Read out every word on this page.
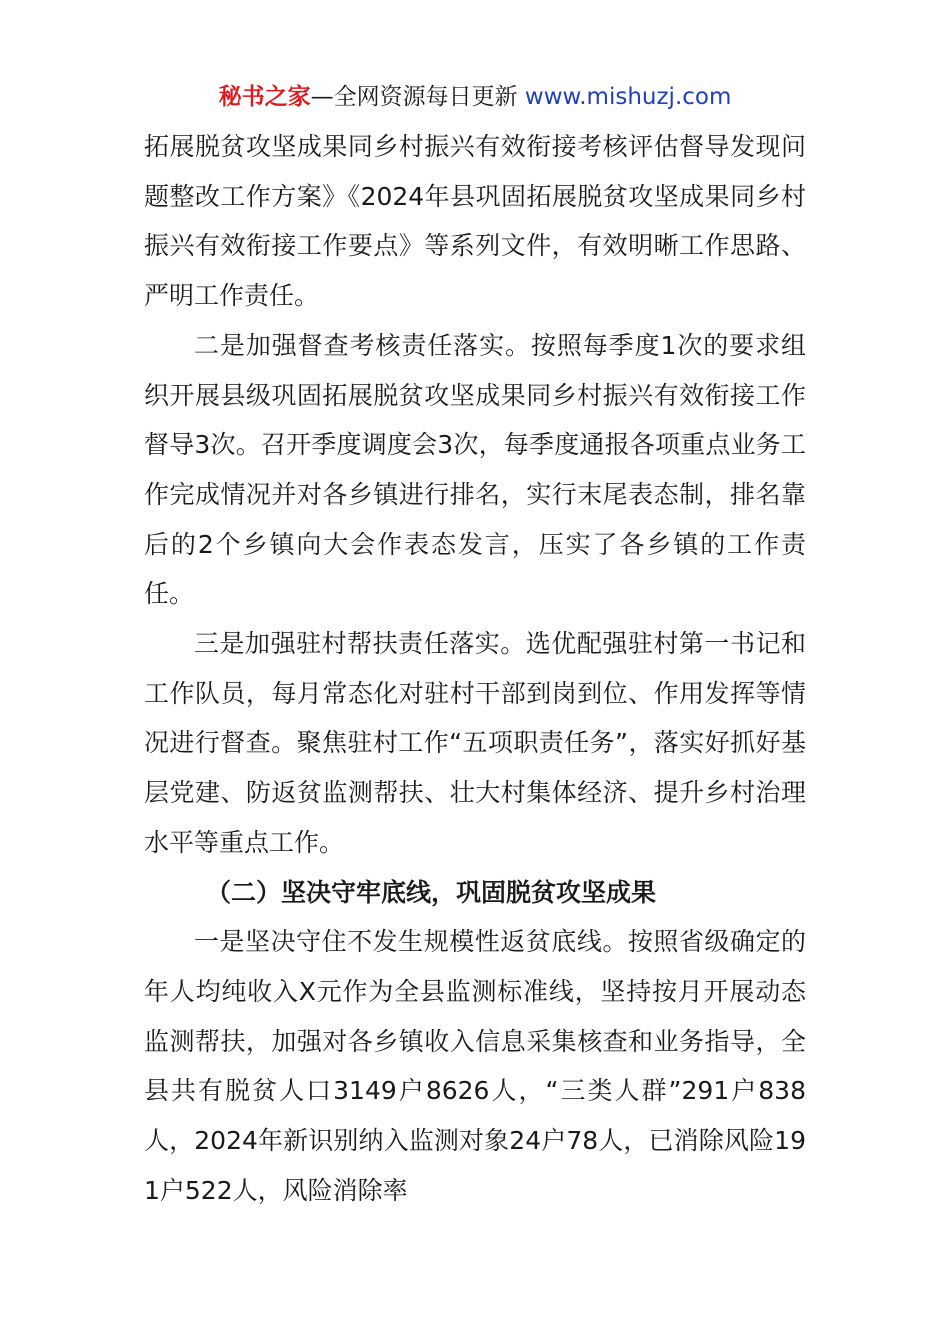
秘书之家—全网资源每日更新 www.mishuzj.com

拓展脱贫攻坚成果同乡村振兴有效衔接考核评估督导发现问题整改工作方案》《2024年县巩固拓展脱贫攻坚成果同乡村振兴有效衔接工作要点》等系列文件，有效明晰工作思路、严明工作责任。

二是加强督查考核责任落实。按照每季度1次的要求组织开展县级巩固拓展脱贫攻坚成果同乡村振兴有效衔接工作督导3次。召开季度调度会3次，每季度通报各项重点业务工作完成情况并对各乡镇进行排名，实行末尾表态制，排名靠后的2个乡镇向大会作表态发言，压实了各乡镇的工作责任。

三是加强驻村帮扶责任落实。选优配强驻村第一书记和工作队员，每月常态化对驻村干部到岗到位、作用发挥等情况进行督查。聚焦驻村工作“五项职责任务”，落实好抓好基层党建、防返贫监测帮扶、壮大村集体经济、提升乡村治理水平等重点工作。

（二）坚决守牢底线，巩固脱贫攻坚成果

一是坚决守住不发生规模性返贫底线。按照省级确定的年人均纯收入X元作为全县监测标准线，坚持按月开展动态监测帮扶，加强对各乡镇收入信息采集核查和业务指导，全县共有脱贫人口3149户8626人，“三类人群”291户838人，2024年新识别纳入监测对象24户78人，已消除风险191户522人，风险消除率
